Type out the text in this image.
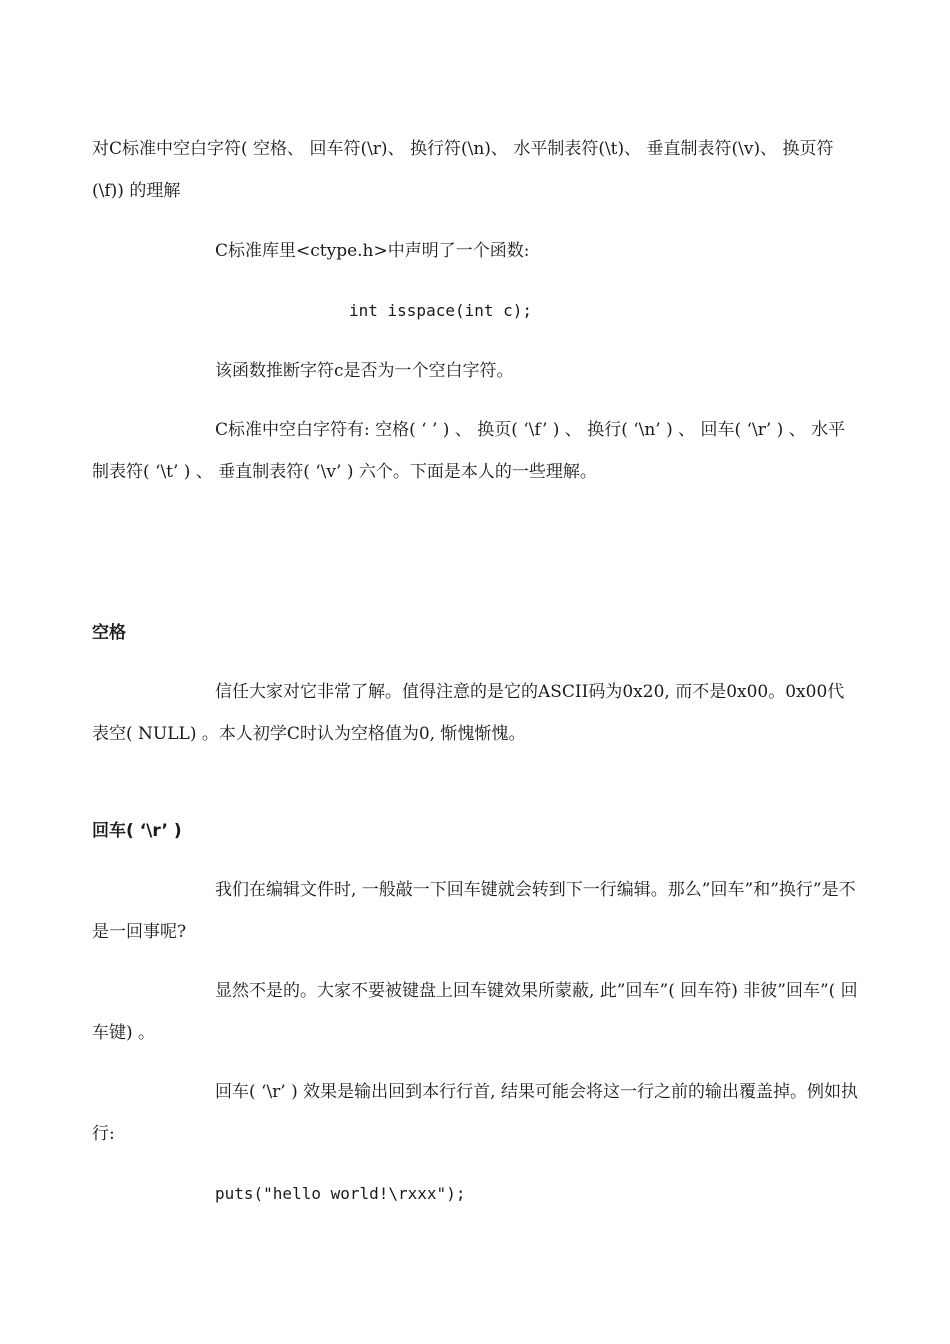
对C标准中空白字符( 空格、 回车符(\r)、 换行符(\n)、 水平制表符(\t)、 垂直制表符(\v)、 换页符(\f)) 的理解

C标准库里<ctype.h>中声明了一个函数:

int isspace(int c);

该函数推断字符c是否为一个空白字符。

C标准中空白字符有: 空格( ‘ ’ ) 、 换页( ‘\f’ ) 、 换行( ‘\n’ ) 、 回车( ‘\r’ ) 、 水平制表符( ‘\t’ ) 、 垂直制表符( ‘\v’ ) 六个。下面是本人的一些理解。

空格

信任大家对它非常了解。值得注意的是它的ASCII码为0x20, 而不是0x00。0x00代表空( NULL) 。本人初学C时认为空格值为0, 惭愧惭愧。

回车( ‘\r’ )

我们在编辑文件时, 一般敲一下回车键就会转到下一行编辑。那么”回车”和”换行”是不是一回事呢?

显然不是的。大家不要被键盘上回车键效果所蒙蔽, 此”回车”( 回车符) 非彼”回车”( 回车键) 。

回车( ‘\r’ ) 效果是输出回到本行行首, 结果可能会将这一行之前的输出覆盖掉。例如执行:

puts("hello world!\rxxx");
